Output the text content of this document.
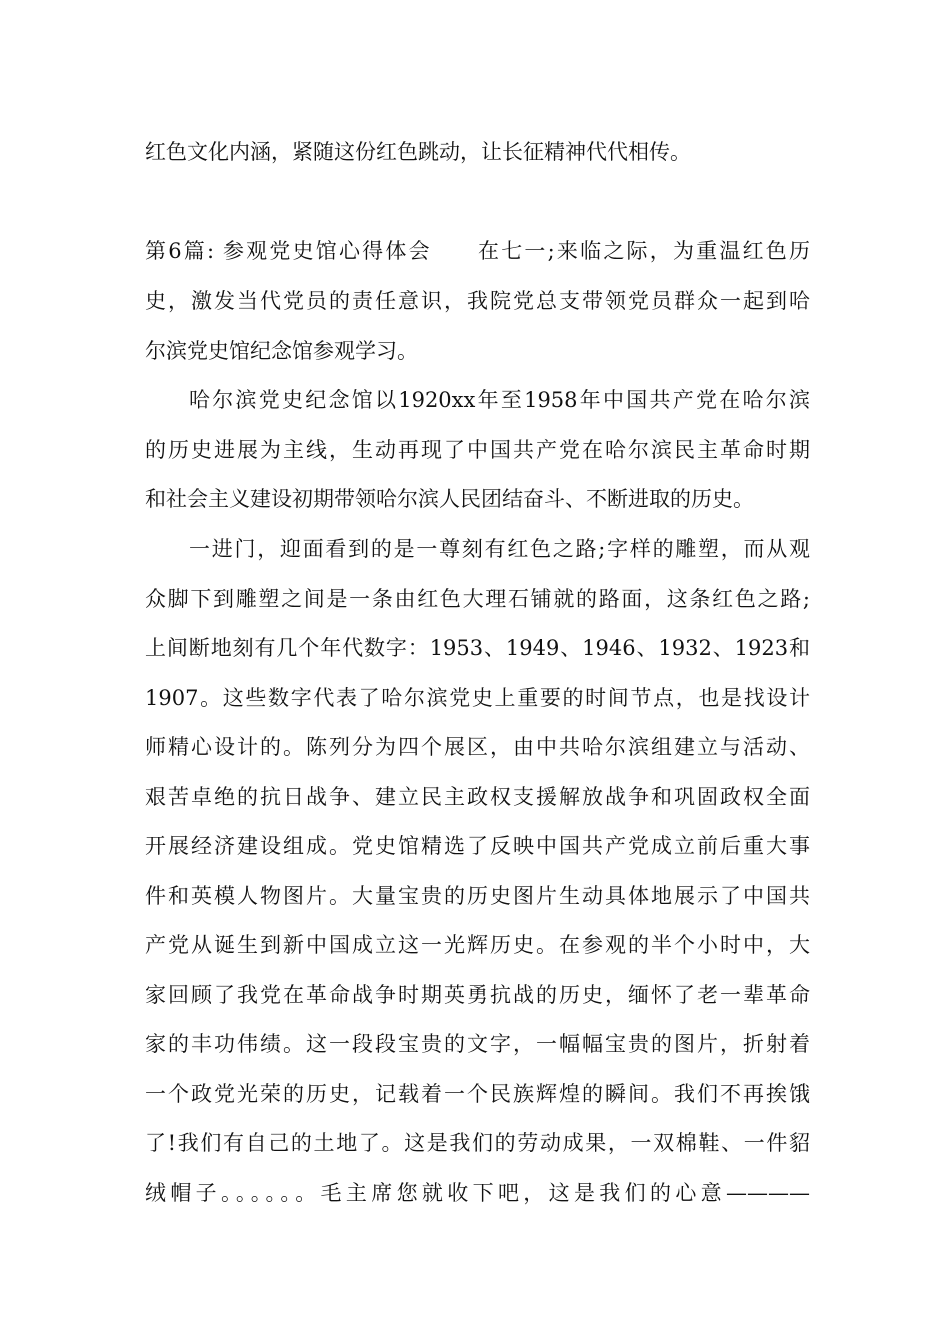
红色文化内涵，紧随这份红色跳动，让长征精神代代相传。
第6篇: 参观党史馆心得体会 在七一;来临之际，为重温红色历
史，激发当代党员的责任意识，我院党总支带领党员群众一起到哈
尔滨党史馆纪念馆参观学习。
哈尔滨党史纪念馆以1920xx年至1958年中国共产党在哈尔滨
的历史进展为主线，生动再现了中国共产党在哈尔滨民主革命时期
和社会主义建设初期带领哈尔滨人民团结奋斗、不断进取的历史。
一进门，迎面看到的是一尊刻有红色之路;字样的雕塑，而从观
众脚下到雕塑之间是一条由红色大理石铺就的路面，这条红色之路;
上间断地刻有几个年代数字：1953、1949、1946、1932、1923和
1907。这些数字代表了哈尔滨党史上重要的时间节点，也是找设计
师精心设计的。陈列分为四个展区，由中共哈尔滨组建立与活动、
艰苦卓绝的抗日战争、建立民主政权支援解放战争和巩固政权全面
开展经济建设组成。党史馆精选了反映中国共产党成立前后重大事
件和英模人物图片。大量宝贵的历史图片生动具体地展示了中国共
产党从诞生到新中国成立这一光辉历史。在参观的半个小时中，大
家回顾了我党在革命战争时期英勇抗战的历史，缅怀了老一辈革命
家的丰功伟绩。这一段段宝贵的文字，一幅幅宝贵的图片，折射着
一个政党光荣的历史，记载着一个民族辉煌的瞬间。我们不再挨饿
了!我们有自己的土地了。这是我们的劳动成果，一双棉鞋、一件貂
绒帽子。。。。。。毛主席您就收下吧，这是我们的心意————
